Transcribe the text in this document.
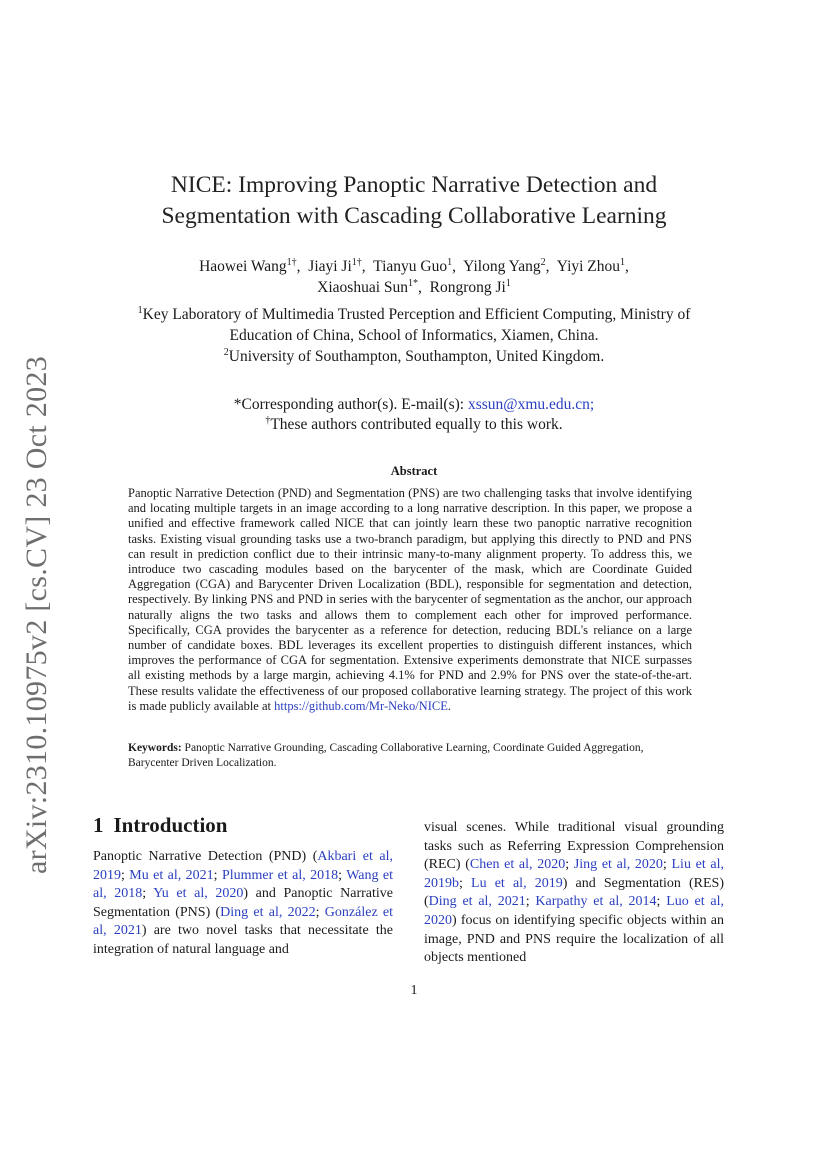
arXiv:2310.10975v2 [cs.CV] 23 Oct 2023
NICE: Improving Panoptic Narrative Detection and
Segmentation with Cascading Collaborative Learning
Haowei Wang$^{1\dagger}$,  Jiayi $Ji^{1\dagger}$,  Tianyu Guo$^1$,  Yilong Yang$^2$,  Yiyi Zhou$^1$,
Xiaoshuai Sun$^{1*}$,  Rongrong Ji$^1$
$^1$Key Laboratory of Multimedia Trusted Perception and Efficient Computing, Ministry of
Education of China, School of Informatics, Xiamen, China.
$^2$University of Southampton, Southampton, United Kingdom.
*Corresponding author(s). E-mail(s): xssun@xmu.edu.cn;
†These authors contributed equally to this work.
Abstract
Panoptic Narrative Detection (PND) and Segmentation (PNS) are two challenging tasks that involve identifying and locating multiple targets in an image according to a long narrative description. In this paper, we propose a unified and effective framework called NICE that can jointly learn these two panoptic narrative recognition tasks. Existing visual grounding tasks use a two-branch paradigm, but applying this directly to PND and PNS can result in prediction conflict due to their intrinsic many-to-many alignment property. To address this, we introduce two cascading modules based on the barycenter of the mask, which are Coordinate Guided Aggregation (CGA) and Barycenter Driven Localization (BDL), responsible for segmentation and detection, respectively. By linking PNS and PND in series with the barycenter of segmentation as the anchor, our approach naturally aligns the two tasks and allows them to complement each other for improved performance. Specifically, CGA provides the barycenter as a reference for detection, reducing BDL's reliance on a large number of candidate boxes. BDL leverages its excellent properties to distinguish different instances, which improves the performance of CGA for segmentation. Extensive experiments demonstrate that NICE surpasses all existing methods by a large margin, achieving 4.1% for PND and 2.9% for PNS over the state-of-the-art. These results validate the effectiveness of our proposed collaborative learning strategy. The project of this work is made publicly available at https://github.com/Mr-Neko/NICE.
Keywords: Panoptic Narrative Grounding, Cascading Collaborative Learning, Coordinate Guided Aggregation, Barycenter Driven Localization.
1 Introduction
Panoptic Narrative Detection (PND) (Akbari et al, 2019; Mu et al, 2021; Plummer et al, 2018; Wang et al, 2018; Yu et al, 2020) and Panoptic Narrative Segmentation (PNS) (Ding et al, 2022; González et al, 2021) are two novel tasks that necessitate the integration of natural language and
visual scenes. While traditional visual grounding tasks such as Referring Expression Comprehension (REC) (Chen et al, 2020; Jing et al, 2020; Liu et al, 2019b; Lu et al, 2019) and Segmentation (RES) (Ding et al, 2021; Karpathy et al, 2014; Luo et al, 2020) focus on identifying specific objects within an image, PND and PNS require the localization of all objects mentioned
1
